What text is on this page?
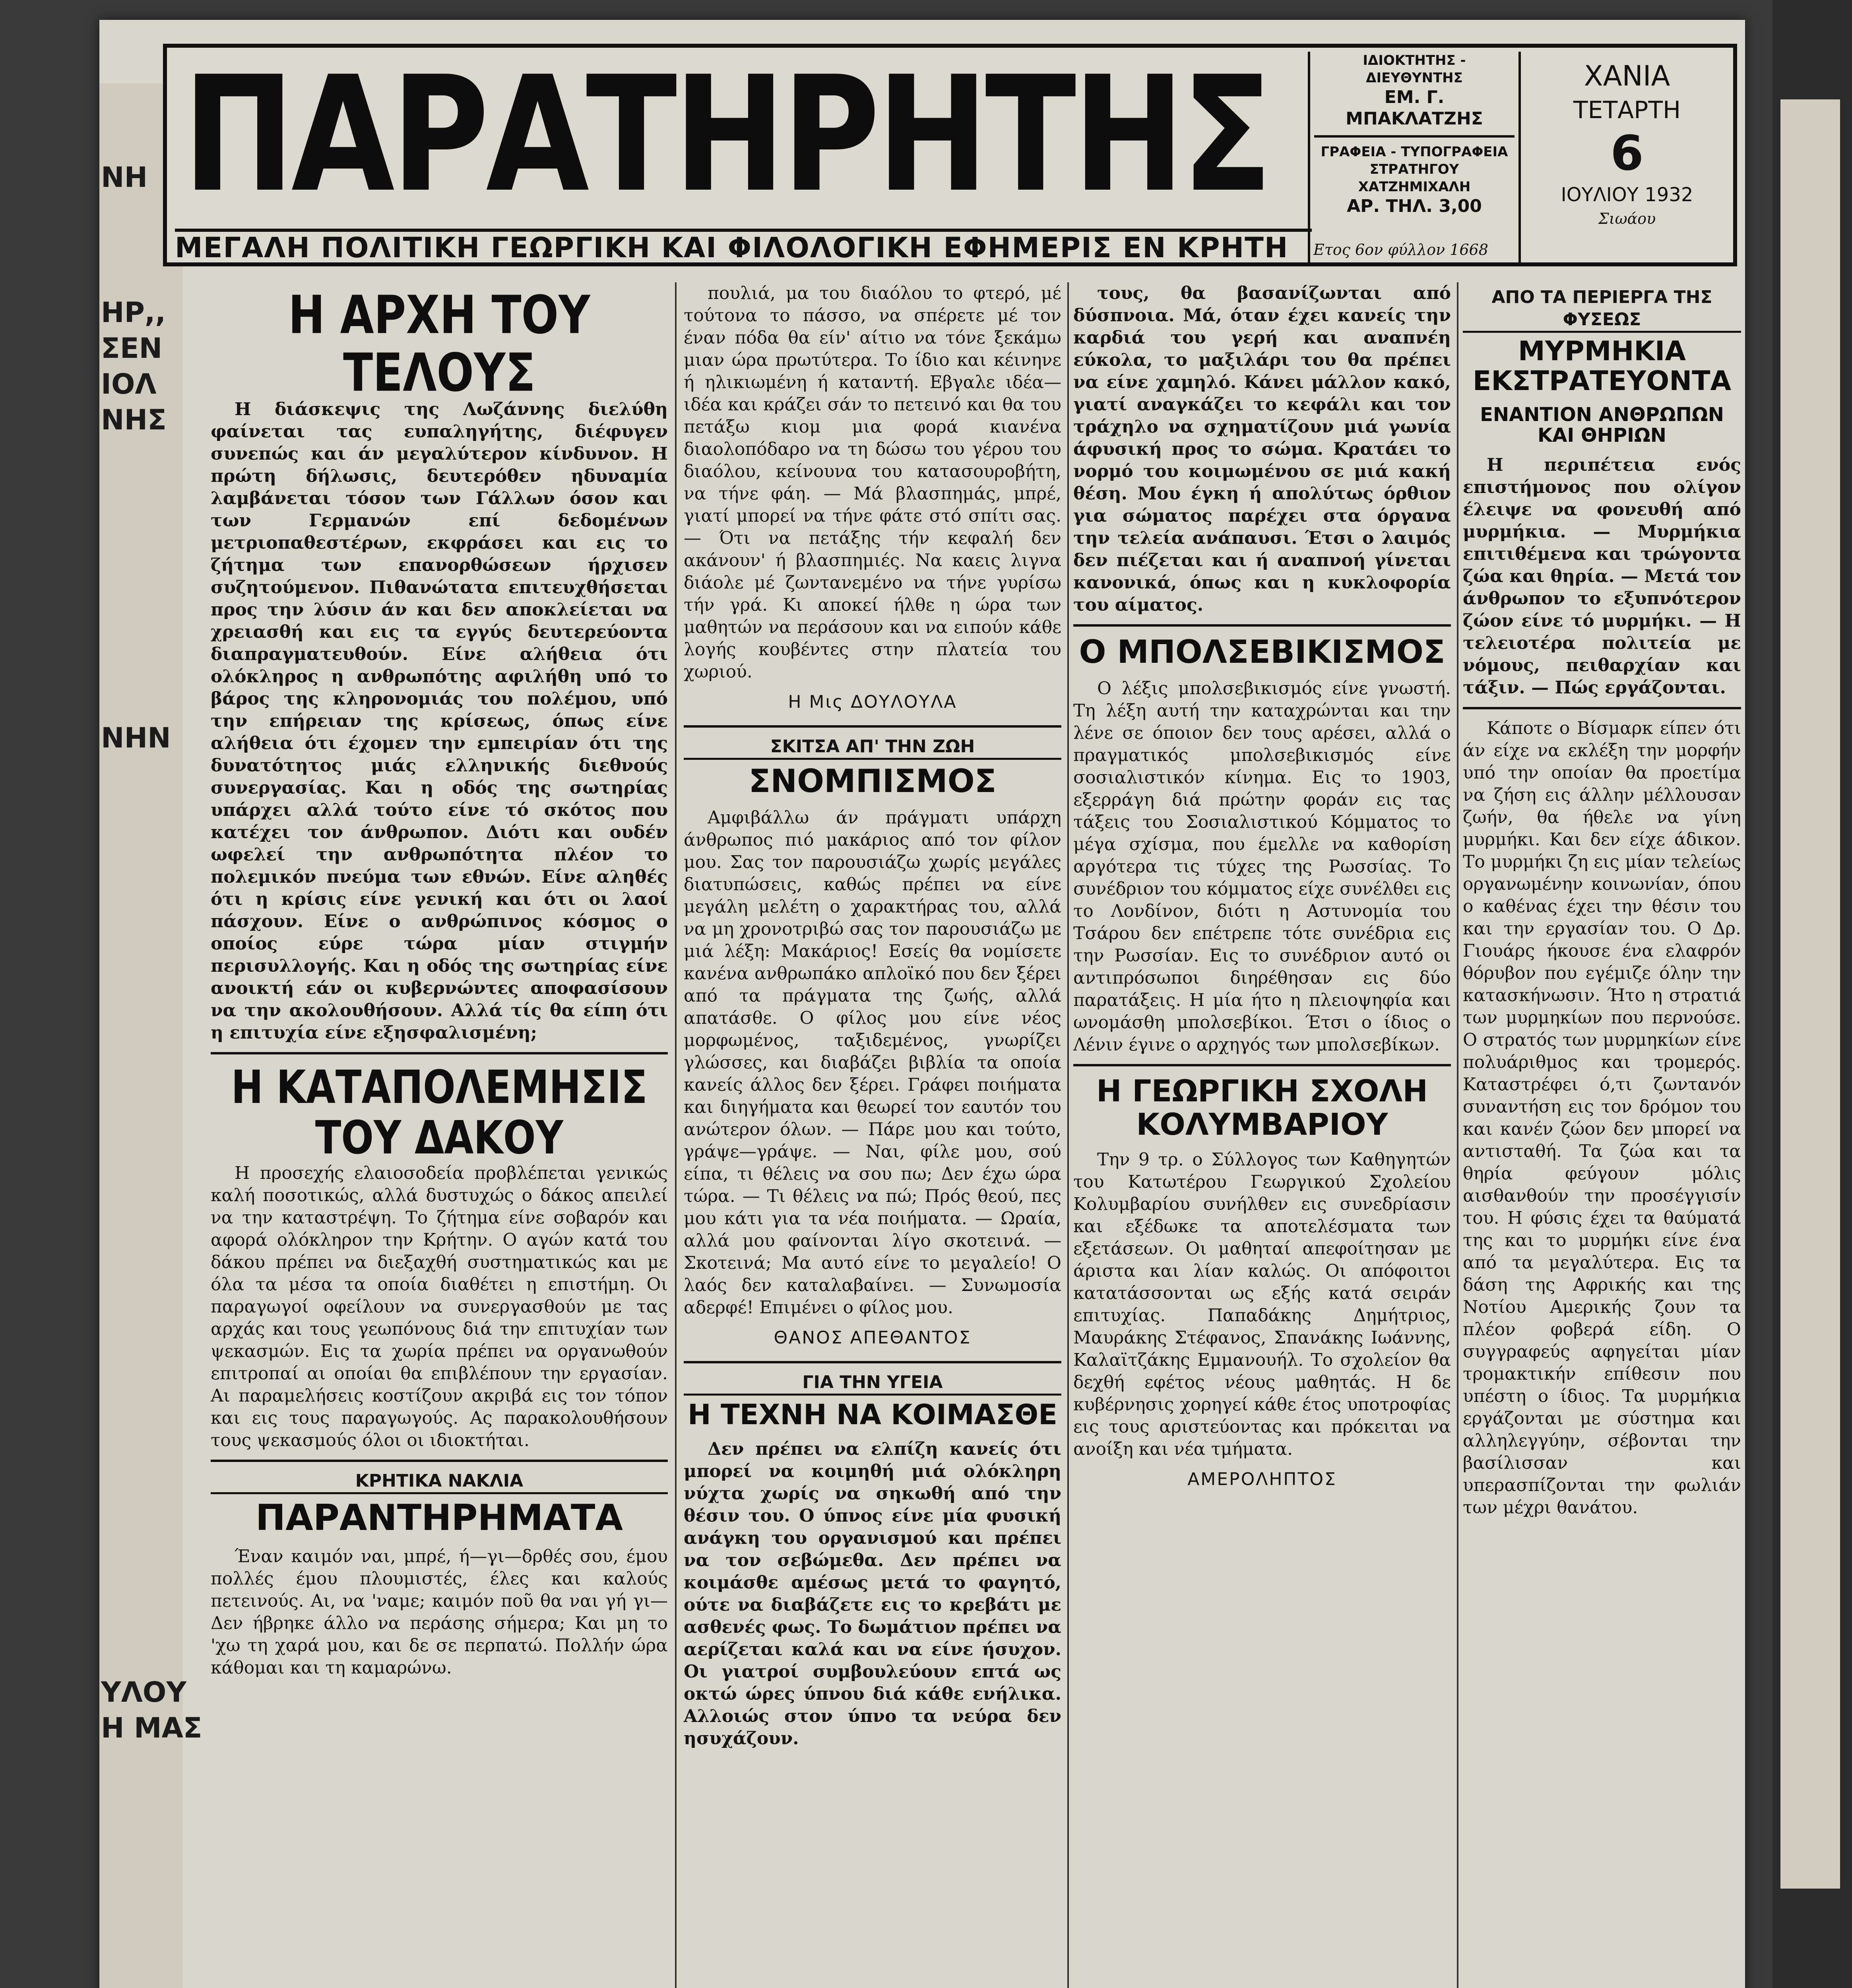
ΝΗ
ΗΡ,,
ΣΕΝ
ΙΟΛ
ΝΗΣ
ΝΗΝ
ΥΛΟΥ
Η ΜΑΣ
ΠΑΡΑΤΗΡΗΤΗΣ
ΜΕΓΑΛΗ ΠΟΛΙΤΙΚΗ ΓΕΩΡΓΙΚΗ ΚΑΙ ΦΙΛΟΛΟΓΙΚΗ ΕΦΗΜΕΡΙΣ ΕΝ ΚΡΗΤΗ
ΙΔΙΟΚΤΗΤΗΣ - ΔΙΕΥΘΥΝΤΗΣ
ΕΜ. Γ. ΜΠΑΚΛΑΤΖΗΣ
ΓΡΑΦΕΙΑ - ΤΥΠΟΓΡΑΦΕΙΑ
ΣΤΡΑΤΗΓΟΥ ΧΑΤΖΗΜΙΧΑΛΗ
ΑΡ. ΤΗΛ. 3,00
Ετος 6ον φύλλον 1668
ΧΑΝΙΑ
ΤΕΤΑΡΤΗ
6
ΙΟΥΛΙΟΥ 1932
Σιωάου
Η ΑΡΧΗ ΤΟΥ ΤΕΛΟΥΣ

Η διάσκεψις της Λωζάννης διελύθη φαίνεται τας ευπαληγήτης, διέφυγεν συνεπώς και άν μεγαλύτερον κίνδυνον. Η πρώτη δήλωσις, δευτερόθεν ηδυναμία λαμβάνεται τόσον των Γάλλων όσον και των Γερμανών επί δεδομένων μετριοπαθεστέρων, εκφράσει και εις το ζήτημα των επανορθώσεων ήρχισεν συζητούμενον. Πιθανώτατα επιτευχθήσεται προς την λύσιν άν και δεν αποκλείεται να χρειασθή και εις τα εγγύς δευτερεύοντα διαπραγματευθούν. Είνε αλήθεια ότι ολόκληρος η ανθρωπότης αφιλήθη υπό το βάρος της κληρονομιάς του πολέμου, υπό την επήρειαν της κρίσεως, όπως είνε αλήθεια ότι έχομεν την εμπειρίαν ότι της δυνατότητος μιάς ελληνικής διεθνούς συνεργασίας. Και η οδός της σωτηρίας υπάρχει αλλά τούτο είνε τό σκότος που κατέχει τον άνθρωπον. Διότι και ουδέν ωφελεί την ανθρωπότητα πλέον το πολεμικόν πνεύμα των εθνών. Είνε αληθές ότι η κρίσις είνε γενική και ότι οι λαοί πάσχουν. Είνε ο ανθρώπινος κόσμος ο οποίος εύρε τώρα μίαν στιγμήν περισυλλογής. Και η οδός της σωτηρίας είνε ανοικτή εάν οι κυβερνώντες αποφασίσουν να την ακολουθήσουν. Αλλά τίς θα είπη ότι η επιτυχία είνε εξησφαλισμένη;

Η ΚΑΤΑΠΟΛΕΜΗΣΙΣ ΤΟΥ ΔΑΚΟΥ

Η προσεχής ελαιοσοδεία προβλέπεται γενικώς καλή ποσοτικώς, αλλά δυστυχώς ο δάκος απειλεί να την καταστρέψη. Το ζήτημα είνε σοβαρόν και αφορά ολόκληρον την Κρήτην. Ο αγών κατά του δάκου πρέπει να διεξαχθή συστηματικώς και με όλα τα μέσα τα οποία διαθέτει η επιστήμη. Οι παραγωγοί οφείλουν να συνεργασθούν με τας αρχάς και τους γεωπόνους διά την επιτυχίαν των ψεκασμών. Εις τα χωρία πρέπει να οργανωθούν επιτροπαί αι οποίαι θα επιβλέπουν την εργασίαν. Αι παραμελήσεις κοστίζουν ακριβά εις τον τόπον και εις τους παραγωγούς. Ας παρακολουθήσουν τους ψεκασμούς όλοι οι ιδιοκτήται.

ΚΡΗΤΙΚΑ ΝΑΚΛΙΑ
ΠΑΡΑΝΤΗΡΗΜΑΤΑ

Έναν καιμόν ναι, μπρέ, ή—γι—δρθές σου, έμου πολλές έμου πλουμιστές, έλες και καλούς πετεινούς. Αι, να 'ναμε; καιμόν ποῦ θα ναι γή γι—Δεν ήβρηκε άλλο να περάσης σήμερα; Και μη το 'χω τη χαρά μου, και δε σε περπατώ. Πολλήν ώρα κάθομαι και τη καμαρώνω.

πουλιά, μα του διαόλου το φτερό, μέ τούτονα το πάσσο, να σπέρετε μέ τον έναν πόδα θα είν' αίτιο να τόνε ξεκάμω μιαν ώρα πρωτύτερα. Το ίδιο και κέινηνε ή ηλικιωμένη ή καταντή. Εβγαλε ιδέα—ιδέα και κράζει σάν το πετεινό και θα του πετάξω κιομ μια φορά κιανένα διαολοπόδαρο να τη δώσω του γέρου του διαόλου, κείνουνα του κατασουροβήτη, να τήνε φάη. — Μά βλασπημάς, μπρέ, γιατί μπορεί να τήνε φάτε στό σπίτι σας. — Ότι να πετάξης τήν κεφαλή δεν ακάνουν' ή βλασπημιές. Να καεις λιγνα διάολε μέ ζωντανεμένο να τήνε γυρίσω τήν γρά. Κι αποκεί ήλθε η ώρα των μαθητών να περάσουν και να ειπούν κάθε λογής κουβέντες στην πλατεία του χωριού.

Η Μις ΔΟΥΛΟΥΛΑ
ΣΚΙΤΣΑ ΑΠ' ΤΗΝ ΖΩΗ
ΣΝΟΜΠΙΣΜΟΣ

Αμφιβάλλω άν πράγματι υπάρχη άνθρωπος πιό μακάριος από τον φίλον μου. Σας τον παρουσιάζω χωρίς μεγάλες διατυπώσεις, καθώς πρέπει να είνε μεγάλη μελέτη ο χαρακτήρας του, αλλά να μη χρονοτριβώ σας τον παρουσιάζω με μιά λέξη: Μακάριος! Εσείς θα νομίσετε κανένα ανθρωπάκο απλοϊκό που δεν ξέρει από τα πράγματα της ζωής, αλλά απατάσθε. Ο φίλος μου είνε νέος μορφωμένος, ταξιδεμένος, γνωρίζει γλώσσες, και διαβάζει βιβλία τα οποία κανείς άλλος δεν ξέρει. Γράφει ποιήματα και διηγήματα και θεωρεί τον εαυτόν του ανώτερον όλων. — Πάρε μου και τούτο, γράψε—γράψε. — Ναι, φίλε μου, σού είπα, τι θέλεις να σου πω; Δεν έχω ώρα τώρα. — Τι θέλεις να πώ; Πρός θεού, πες μου κάτι για τα νέα ποιήματα. — Ωραία, αλλά μου φαίνονται λίγο σκοτεινά. — Σκοτεινά; Μα αυτό είνε το μεγαλείο! Ο λαός δεν καταλαβαίνει. — Συνωμοσία αδερφέ! Επιμένει ο φίλος μου.

ΘΑΝΟΣ ΑΠΕΘΑΝΤΟΣ
ΓΙΑ ΤΗΝ ΥΓΕΙΑ
Η ΤΕΧΝΗ ΝΑ ΚΟΙΜΑΣΘΕ

Δεν πρέπει να ελπίζη κανείς ότι μπορεί να κοιμηθή μιά ολόκληρη νύχτα χωρίς να σηκωθή από την θέσιν του. Ο ύπνος είνε μία φυσική ανάγκη του οργανισμού και πρέπει να τον σεβώμεθα. Δεν πρέπει να κοιμάσθε αμέσως μετά το φαγητό, ούτε να διαβάζετε εις το κρεβάτι με ασθενές φως. Το δωμάτιον πρέπει να αερίζεται καλά και να είνε ήσυχον. Οι γιατροί συμβουλεύουν επτά ως οκτώ ώρες ύπνου διά κάθε ενήλικα. Αλλοιώς στον ύπνο τα νεύρα δεν ησυχάζουν.

τους, θα βασανίζωνται από δύσπνοια. Μά, όταν έχει κανείς την καρδιά του γερή και αναπνέη εύκολα, το μαξιλάρι του θα πρέπει να είνε χαμηλό. Κάνει μάλλον κακό, γιατί αναγκάζει το κεφάλι και τον τράχηλο να σχηματίζουν μιά γωνία άφυσική προς το σώμα. Κρατάει το νορμό του κοιμωμένου σε μιά κακή θέση. Μου έγκη ή απολύτως όρθιον για σώματος παρέχει στα όργανα την τελεία ανάπαυσι. Έτσι ο λαιμός δεν πιέζεται και ή αναπνοή γίνεται κανονικά, όπως και η κυκλοφορία του αίματος.

Ο ΜΠΟΛΣΕΒΙΚΙΣΜΟΣ

Ο λέξις μπολσεβικισμός είνε γνωστή. Τη λέξη αυτή την καταχρώνται και την λένε σε όποιον δεν τους αρέσει, αλλά ο πραγματικός μπολσεβικισμός είνε σοσιαλιστικόν κίνημα. Εις το 1903, εξερράγη διά πρώτην φοράν εις τας τάξεις του Σοσιαλιστικού Κόμματος το μέγα σχίσμα, που έμελλε να καθορίση αργότερα τις τύχες της Ρωσσίας. Το συνέδριον του κόμματος είχε συνέλθει εις το Λονδίνον, διότι η Αστυνομία του Τσάρου δεν επέτρεπε τότε συνέδρια εις την Ρωσσίαν. Εις το συνέδριον αυτό οι αντιπρόσωποι διηρέθησαν εις δύο παρατάξεις. Η μία ήτο η πλειοψηφία και ωνομάσθη μπολσεβίκοι. Έτσι ο ίδιος ο Λένιν έγινε ο αρχηγός των μπολσεβίκων.

Η ΓΕΩΡΓΙΚΗ ΣΧΟΛΗ ΚΟΛΥΜΒΑΡΙΟΥ

Την 9 τρ. ο Σύλλογος των Καθηγητών του Κατωτέρου Γεωργικού Σχολείου Κολυμβαρίου συνήλθεν εις συνεδρίασιν και εξέδωκε τα αποτελέσματα των εξετάσεων. Οι μαθηταί απεφοίτησαν με άριστα και λίαν καλώς. Οι απόφοιτοι κατατάσσονται ως εξής κατά σειράν επιτυχίας. Παπαδάκης Δημήτριος, Μαυράκης Στέφανος, Σπανάκης Ιωάννης, Καλαϊτζάκης Εμμανουήλ. Το σχολείον θα δεχθή εφέτος νέους μαθητάς. Η δε κυβέρνησις χορηγεί κάθε έτος υποτροφίας εις τους αριστεύοντας και πρόκειται να ανοίξη και νέα τμήματα.

ΑΜΕΡΟΛΗΠΤΟΣ
ΑΠΟ ΤΑ ΠΕΡΙΕΡΓΑ ΤΗΣ ΦΥΣΕΩΣ
ΜΥΡΜΗΚΙΑ ΕΚΣΤΡΑΤΕΥΟΝΤΑ
ΕΝΑΝΤΙΟΝ ΑΝΘΡΩΠΩΝ ΚΑΙ ΘΗΡΙΩΝ

Η περιπέτεια ενός επιστήμονος που ολίγον έλειψε να φονευθή από μυρμήκια. — Μυρμήκια επιτιθέμενα και τρώγοντα ζώα και θηρία. — Μετά τον άνθρωπον το εξυπνότερον ζώον είνε τό μυρμήκι. — Η τελειοτέρα πολιτεία με νόμους, πειθαρχίαν και τάξιν. — Πώς εργάζονται.

Κάποτε ο Βίσμαρκ είπεν ότι άν είχε να εκλέξη την μορφήν υπό την οποίαν θα προετίμα να ζήση εις άλλην μέλλουσαν ζωήν, θα ήθελε να γίνη μυρμήκι. Και δεν είχε άδικον. Το μυρμήκι ζη εις μίαν τελείως οργανωμένην κοινωνίαν, όπου ο καθένας έχει την θέσιν του και την εργασίαν του. Ο Δρ. Γιουάρς ήκουσε ένα ελαφρόν θόρυβον που εγέμιζε όλην την κατασκήνωσιν. Ήτο η στρατιά των μυρμηκίων που περνούσε. Ο στρατός των μυρμηκίων είνε πολυάριθμος και τρομερός. Καταστρέφει ό,τι ζωντανόν συναντήση εις τον δρόμον του και κανέν ζώον δεν μπορεί να αντισταθή. Τα ζώα και τα θηρία φεύγουν μόλις αισθανθούν την προσέγγισίν του. Η φύσις έχει τα θαύματά της και το μυρμήκι είνε ένα από τα μεγαλύτερα. Εις τα δάση της Αφρικής και της Νοτίου Αμερικής ζουν τα πλέον φοβερά είδη. Ο συγγραφεύς αφηγείται μίαν τρομακτικήν επίθεσιν που υπέστη ο ίδιος. Τα μυρμήκια εργάζονται με σύστημα και αλληλεγγύην, σέβονται την βασίλισσαν και υπερασπίζονται την φωλιάν των μέχρι θανάτου.
